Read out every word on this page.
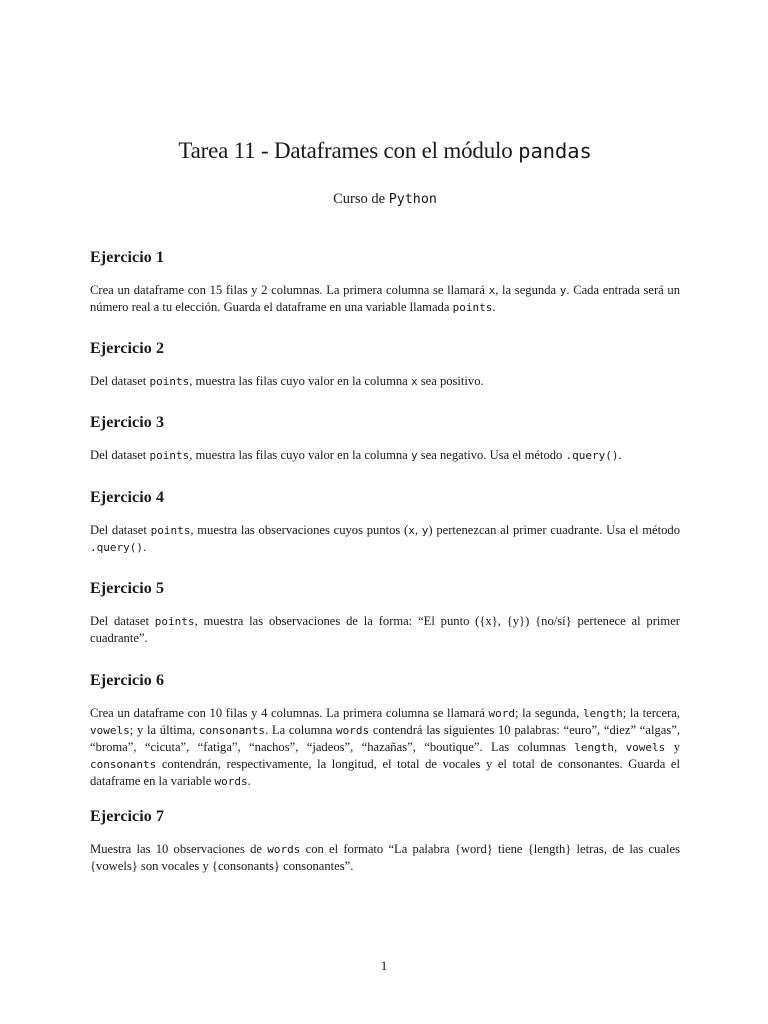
Tarea 11 - Dataframes con el módulo pandas
Curso de Python
Ejercicio 1

Crea un dataframe con 15 filas y 2 columnas. La primera columna se llamará x, la segunda y. Cada entrada será un número real a tu elección. Guarda el dataframe en una variable llamada points.

Ejercicio 2

Del dataset points, muestra las filas cuyo valor en la columna x sea positivo.

Ejercicio 3

Del dataset points, muestra las filas cuyo valor en la columna y sea negativo. Usa el método .query().

Ejercicio 4

Del dataset points, muestra las observaciones cuyos puntos (x, y) pertenezcan al primer cuadrante. Usa el método .query().

Ejercicio 5

Del dataset points, muestra las observaciones de la forma: “El punto ({x}, {y}) {no/sí} pertenece al primer cuadrante”.

Ejercicio 6

Crea un dataframe con 10 filas y 4 columnas. La primera columna se llamará word; la segunda, length; la tercera, vowels; y la última, consonants. La columna words contendrá las siguientes 10 palabras: “euro”, “diez” “algas”, “broma”, “cicuta”, “fatiga”, “nachos”, “jadeos”, “hazañas”, “boutique”. Las columnas length, vowels y consonants contendrán, respectivamente, la longitud, el total de vocales y el total de consonantes. Guarda el dataframe en la variable words.

Ejercicio 7

Muestra las 10 observaciones de words con el formato “La palabra {word} tiene {length} letras, de las cuales {vowels} son vocales y {consonants} consonantes”.

1
